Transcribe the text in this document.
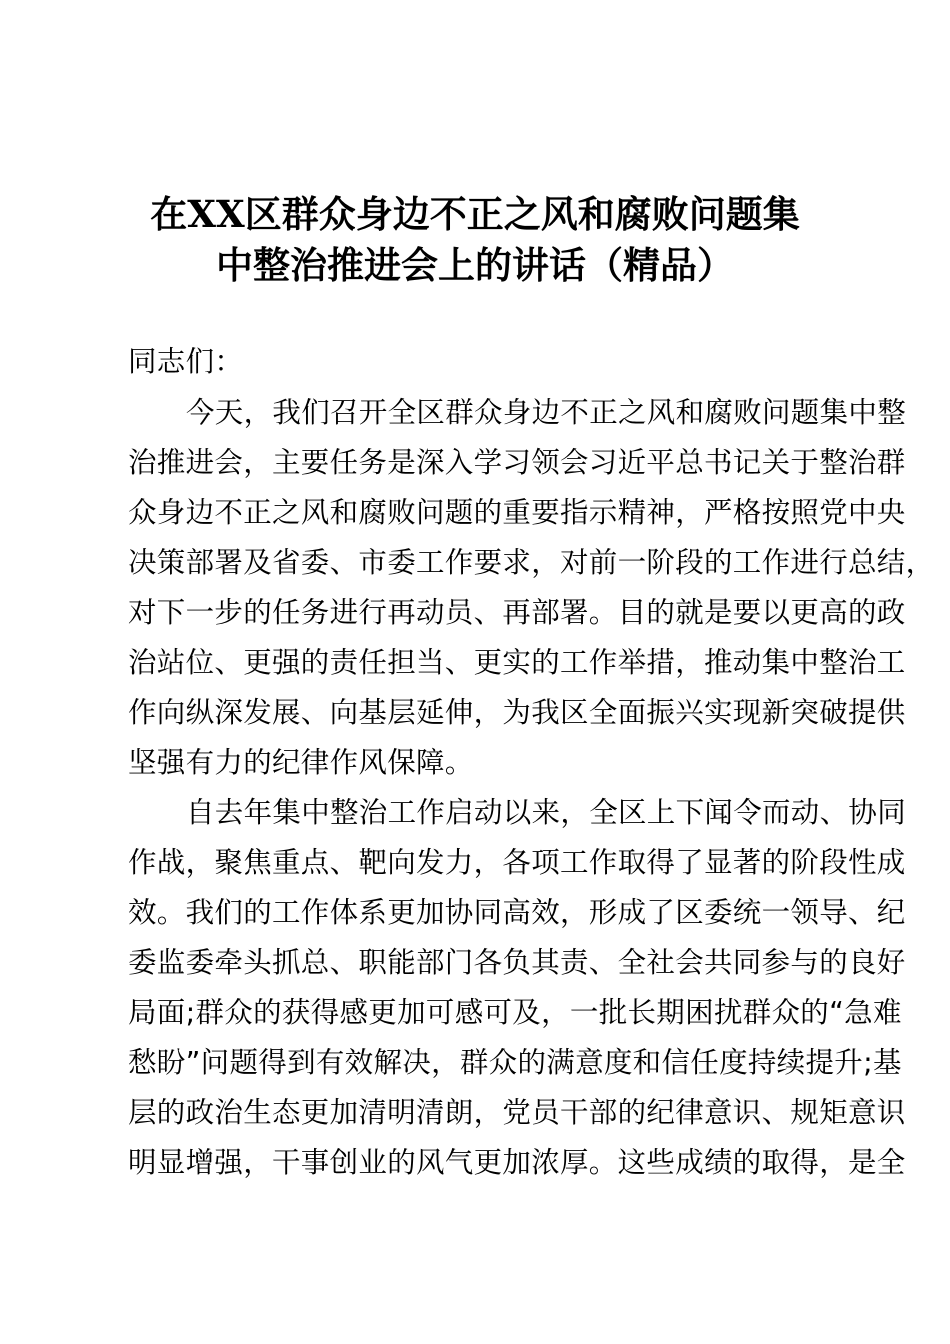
在XX区群众身边不正之风和腐败问题集
中整治推进会上的讲话（精品）
同志们：
今天，我们召开全区群众身边不正之风和腐败问题集中整
治推进会，主要任务是深入学习领会习近平总书记关于整治群
众身边不正之风和腐败问题的重要指示精神，严格按照党中央
决策部署及省委、市委工作要求，对前一阶段的工作进行总结，
对下一步的任务进行再动员、再部署。目的就是要以更高的政
治站位、更强的责任担当、更实的工作举措，推动集中整治工
作向纵深发展、向基层延伸，为我区全面振兴实现新突破提供
坚强有力的纪律作风保障。
自去年集中整治工作启动以来，全区上下闻令而动、协同
作战，聚焦重点、靶向发力，各项工作取得了显著的阶段性成
效。我们的工作体系更加协同高效，形成了区委统一领导、纪
委监委牵头抓总、职能部门各负其责、全社会共同参与的良好
局面;群众的获得感更加可感可及，一批长期困扰群众的“急难
愁盼”问题得到有效解决，群众的满意度和信任度持续提升;基
层的政治生态更加清明清朗，党员干部的纪律意识、规矩意识
明显增强，干事创业的风气更加浓厚。这些成绩的取得，是全
